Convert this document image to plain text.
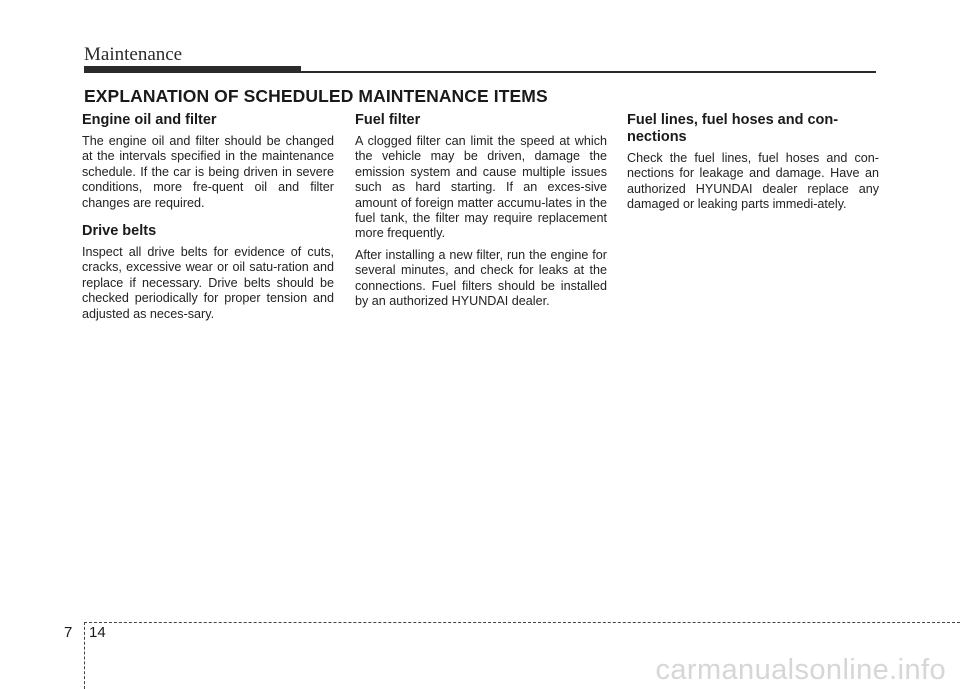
Maintenance
EXPLANATION OF SCHEDULED MAINTENANCE ITEMS
Engine oil and filter

The engine oil and filter should be changed at the intervals specified in the maintenance schedule. If the car is being driven in severe conditions, more fre-quent oil and filter changes are required.

Drive belts

Inspect all drive belts for evidence of cuts, cracks, excessive wear or oil satu-ration and replace if necessary. Drive belts should be checked periodically for proper tension and adjusted as neces-sary.

Fuel filter

A clogged filter can limit the speed at which the vehicle may be driven, damage the emission system and cause multiple issues such as hard starting. If an exces-sive amount of foreign matter accumu-lates in the fuel tank, the filter may require replacement more frequently.

After installing a new filter, run the engine for several minutes, and check for leaks at the connections. Fuel filters should be installed by an authorized HYUNDAI dealer.

Fuel lines, fuel hoses and con-nections

Check the fuel lines, fuel hoses and con-nections for leakage and damage. Have an authorized HYUNDAI dealer replace any damaged or leaking parts immedi-ately.

7 14
carmanualsonline.info
